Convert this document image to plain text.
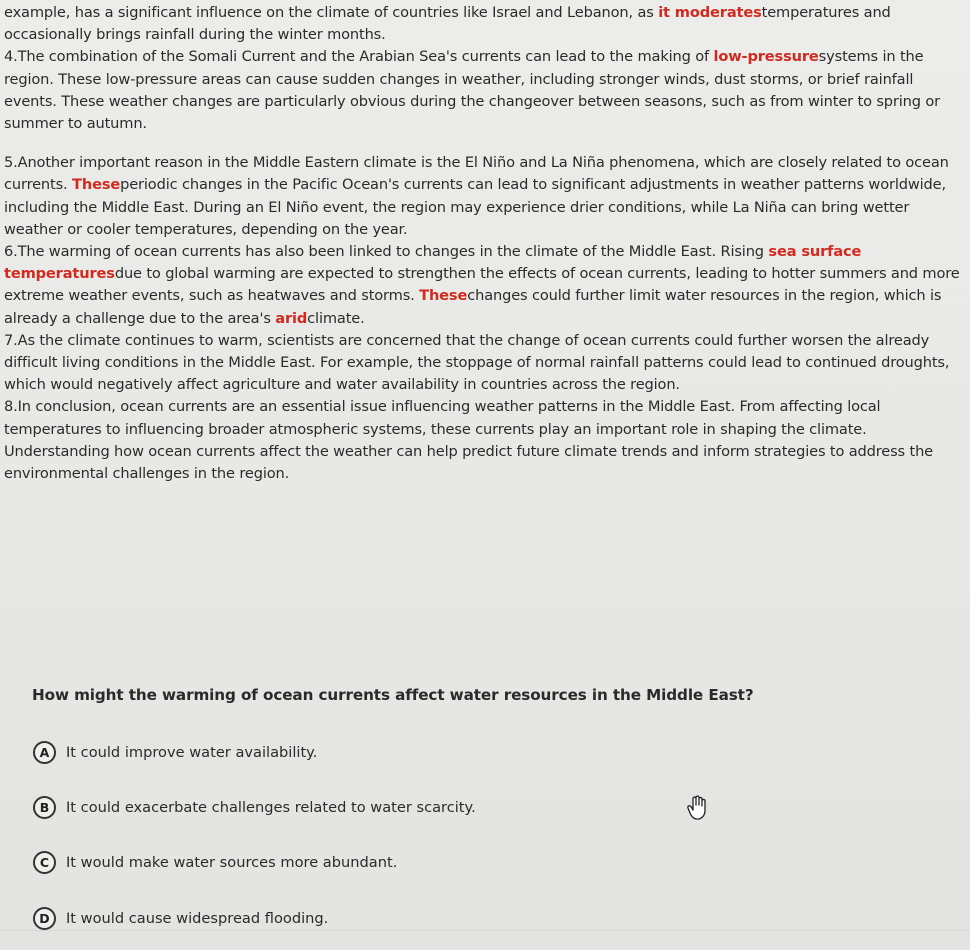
example, has a significant influence on the climate of countries like Israel and Lebanon, as it moderatestemperatures and occasionally brings rainfall during the winter months.

4.The combination of the Somali Current and the Arabian Sea's currents can lead to the making of low-pressuresystems in the region. These low-pressure areas can cause sudden changes in weather, including stronger winds, dust storms, or brief rainfall events. These weather changes are particularly obvious during the changeover between seasons, such as from winter to spring or summer to autumn.

5.Another important reason in the Middle Eastern climate is the El Niño and La Niña phenomena, which are closely related to ocean currents. Theseperiodic changes in the Pacific Ocean's currents can lead to significant adjustments in weather patterns worldwide, including the Middle East. During an El Niño event, the region may experience drier conditions, while La Niña can bring wetter weather or cooler temperatures, depending on the year.

6.The warming of ocean currents has also been linked to changes in the climate of the Middle East. Rising sea surface temperaturesdue to global warming are expected to strengthen the effects of ocean currents, leading to hotter summers and more extreme weather events, such as heatwaves and storms. Thesechanges could further limit water resources in the region, which is already a challenge due to the area's aridclimate.

7.As the climate continues to warm, scientists are concerned that the change of ocean currents could further worsen the already difficult living conditions in the Middle East. For example, the stoppage of normal rainfall patterns could lead to continued droughts, which would negatively affect agriculture and water availability in countries across the region.

8.In conclusion, ocean currents are an essential issue influencing weather patterns in the Middle East. From affecting local temperatures to influencing broader atmospheric systems, these currents play an important role in shaping the climate. Understanding how ocean currents affect the weather can help predict future climate trends and inform strategies to address the environmental challenges in the region.

How might the warming of ocean currents affect water resources in the Middle East?
A	It could improve water availability.
B	It could exacerbate challenges related to water scarcity.
C	It would make water sources more abundant.
D	It would cause widespread flooding.
